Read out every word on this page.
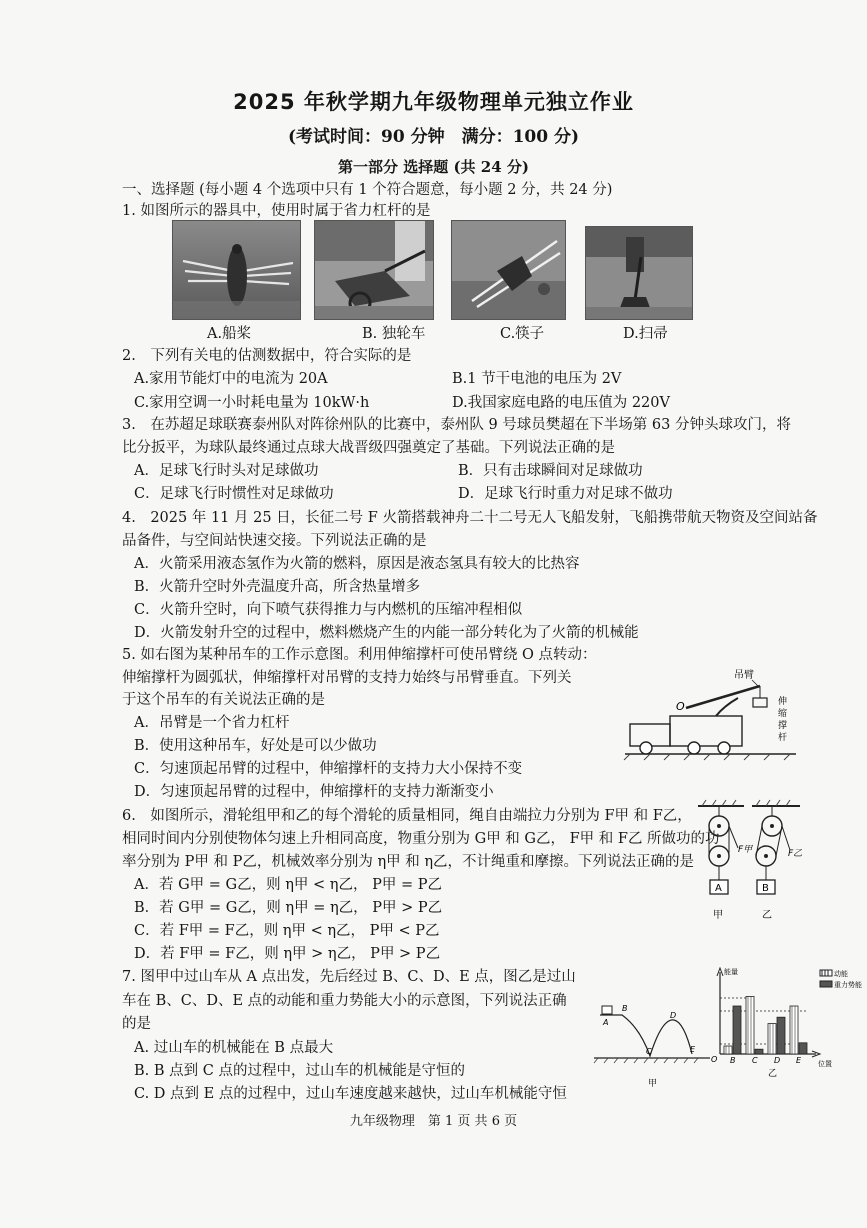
2025 年秋学期九年级物理单元独立作业
(考试时间：90 分钟　满分：100 分)
第一部分 选择题 (共 24 分)
一、选择题 (每小题 4 个选项中只有 1 个符合题意，每小题 2 分，共 24 分)
1. 如图所示的器具中，使用时属于省力杠杆的是
A.船桨	B. 独轮车	C.筷子	D.扫帚
2.　下列有关电的估测数据中，符合实际的是
A.家用节能灯中的电流为 20A	B.1 节干电池的电压为 2V
C.家用空调一小时耗电量为 10kW·h	D.我国家庭电路的电压值为 220V
3.　在苏超足球联赛泰州队对阵徐州队的比赛中，泰州队 9 号球员樊超在下半场第 63 分钟头球攻门，将
比分扳平，为球队最终通过点球大战晋级四强奠定了基础。下列说法正确的是
A．足球飞行时头对足球做功	B．只有击球瞬间对足球做功
C．足球飞行时惯性对足球做功	D．足球飞行时重力对足球不做功
4.　2025 年 11 月 25 日，长征二号 F 火箭搭载神舟二十二号无人飞船发射，飞船携带航天物资及空间站备
品备件，与空间站快速交接。下列说法正确的是
A．火箭采用液态氢作为火箭的燃料，原因是液态氢具有较大的比热容
B．火箭升空时外壳温度升高，所含热量增多
C．火箭升空时，向下喷气获得推力与内燃机的压缩冲程相似
D．火箭发射升空的过程中，燃料燃烧产生的内能一部分转化为了火箭的机械能
5. 如右图为某种吊车的工作示意图。利用伸缩撑杆可使吊臂绕 O 点转动：
伸缩撑杆为圆弧状，伸缩撑杆对吊臂的支持力始终与吊臂垂直。下列关
于这个吊车的有关说法正确的是
A．吊臂是一个省力杠杆
B．使用这种吊车，好处是可以少做功
C．匀速顶起吊臂的过程中，伸缩撑杆的支持力大小保持不变
D．匀速顶起吊臂的过程中，伸缩撑杆的支持力渐渐变小
吊臂
O	伸
缩
撑
杆
6.　如图所示，滑轮组甲和乙的每个滑轮的质量相同，绳自由端拉力分别为 F甲 和 F乙，
相同时间内分别使物体匀速上升相同高度，物重分别为 G甲 和 G乙， F甲 和 F乙 所做功的功
率分别为 P甲 和 P乙，机械效率分别为 η甲 和 η乙，不计绳重和摩擦。下列说法正确的是
A．若 G甲 = G乙，则 η甲 < η乙， P甲 = P乙
B．若 G甲 = G乙，则 η甲 = η乙， P甲 > P乙
C．若 F甲 = F乙，则 η甲 < η乙， P甲 < P乙
D．若 F甲 = F乙，则 η甲 > η乙， P甲 > P乙
A
F甲
甲
B
F乙
乙
7. 图甲中过山车从 A 点出发，先后经过 B、C、D、E 点，图乙是过山
车在 B、C、D、E 点的动能和重力势能大小的示意图，下列说法正确
的是
A. 过山车的机械能在 B 点最大
B. B 点到 C 点的过程中，过山车的机械能是守恒的
C. D 点到 E 点的过程中，过山车速度越来越快，过山车机械能守恒
A
B
C
D
E
甲
能量
位置
O
动能
重力势能
B C D E
乙
九年级物理　第 1 页 共 6 页
